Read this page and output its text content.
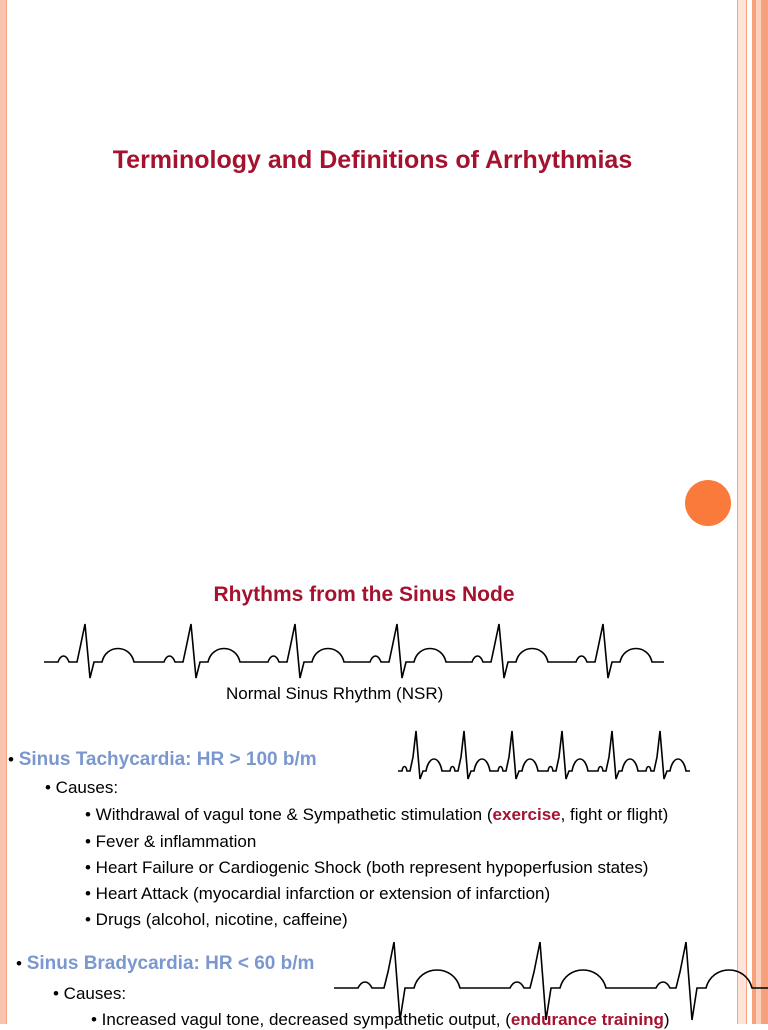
Terminology and Definitions of Arrhythmias
Rhythms from the Sinus Node
Normal Sinus Rhythm (NSR)
• Sinus Tachycardia: HR > 100 b/m
• Causes:
• Withdrawal of vagul tone & Sympathetic stimulation (exercise, fight or flight)
• Fever & inflammation
• Heart Failure or Cardiogenic Shock (both represent hypoperfusion states)
• Heart Attack (myocardial infarction or extension of infarction)
• Drugs (alcohol, nicotine, caffeine)
• Sinus Bradycardia: HR < 60 b/m
• Causes:
• Increased vagul tone, decreased sympathetic output, (endurance training)
